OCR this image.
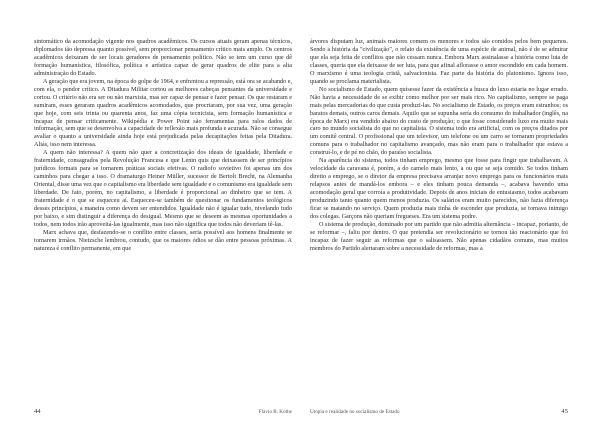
sintomático da acomodação vigente nos quadros acadêmicos. Os cursos atuais geram apenas técnicos, diplomados tão depressa quanto possível, sem proporcionar pensamento crítico mais amplo. Os centros acadêmicos deixaram de ser locais geradores de pensamento político. Não se tem um curso que dê formação humanística, filosófica, política e artística capaz de gerar quadros de elite para a alta administração do Estado.

A geração que era jovem, na época do golpe de 1964, e enfrentou a repressão, está ora se acabando e, com ela, o pendor crítico. A Ditadura Militar cortou as melhores cabeças pensantes da universidade e cortou. O critério não era ser ou não marxista, mas ser capaz de pensar e fazer pensar. Os que restaram e sumiram, esses geraram quadros acadêmicos acomodados, que procriaram, por sua vez, uma geração que hoje, com seis trinta ou quarenta anos, faz uma cópia tecnicista, sem formação humanística e incapaz de pensar criticamente. Wikipédia e Power Point são ferramentas para ralos dados de informação, sem que se desenvolva a capacidade de reflexão mais profunda e acurada. Não se consegue avaliar o quanto a universidade ainda hoje está prejudicada pelas decapitações feitas pela Ditadura. Aliás, isso nem interessa.

A quem não interessa? A quem não quer a concretização dos ideais de igualdade, liberdade e fraternidade, consagrados pela Revolução Francesa e que Lenin quis que deixassem de ser princípios jurídicos formais para se tornarem práticas sociais efetivas. O radiofo sovietivo foi apenas um dos caminhos para chegar a isso. O dramaturgo Heiner Müller, sucessor de Bertolt Brecht, na Alemanha Oriental, disse uma vez que o capitalismo era liberdade sem igualdade e o comunismo era igualdade sem liberdade. De fato, porém, no capitalismo, a liberdade é proporcional ao dinheiro que se tem. A fraternidade é o que se esqueceu aí. Esqueceu-se também de questionar os fundamentos teológicos desses princípios, a maneira como devem ser entendidos. Igualdade não é igualar tudo, nivelando tudo por baixo, e sim distinguir a diferença do desigual. Mesmo que se deseem as mesmas oportunidades a todos, nem todos irão aproveitá-las igualmente, mas isso não significa que todos não deveriam tê-las.

Marx achava que, desfazendo-se o conflito entre classes, seria possível aos homens finalmente se tornarem irmãos. Nietzsche lembrou, contudo, que os maiores ódios se dão entre pessoas próximas. A natureza é conflito permanente, em que

árvores disputam luz, animais maiores comem os menores e todos são comidos pelos bem pequenos. Sendo a história da "civilização", o relato da existência de uma espécie de animal, não é de se admirar que ela seja feita de conflitos que não cessam nunca. Embora Marx assinalasse a história como luta de classes, queria que ela deixasse de ser luta, para que afinal aflorasse o amor escondido em cada homem. O marxismo é uma teologia cristã, salvacionista. Faz parte da história do platonismo. Ignora isso, quando se proclama materialista.

No socialismo de Estado, quem quisesse fazer da existência a busca do luxo estaria no lugar errado. Não havia a necessidade de se exibir como melhor por ser mais rico. No capitalismo, sempre se paga mais pelas mercadorias do que custa produzi-las. No socialismo de Estado, os preços eram estranhos; os baratos demais, outros caros demais. Aquilo que se supunha sería do consumo do trabalhador (inglês, na época de Marx) era vendido abaixo do custo de produção; o que fosse considerado luxo era muito mais caro no mundo socialista do que no capitalista. O sistema todo era artificial, com os preços ditados por um comitê central. O profissional que um televisor, um telefone ou um carro se tornaram propriedades comuns para o trabalhador no capitalismo avançado, mas não eram para o trabalhador que estava a construí-lo, e de pé no chão, do paraíso socialista.

Na aparência do sistema, todos tinham emprego, mesmo que fosse para fingir que trabalhavam. A velocidade da caravana é, porém, a do camelo mais lento, a ou que se seja comido. Se todos tinham direito a emprego, se o diretor da empresa precisava arranjar novo emprego para os funcionários mais relapsos antes de mandá-los embora – e eles tinham pouca demanda –, acabava havendo uma acomodação geral que corroía a produtividade. Depois de anos iniciais de entusiasmo, todos acabavam produzindo tanto quanto quem menos produzia. Os salários eram muito parecidos, não fazia diferença ficar se matando no serviço. Quem produzia mais tinha de esconder que produzia, se tornava inimigo dos colegas. Garçons não queriam fregueses. Era um sistema podre.

O sistema de produção, dominado por um partido que não admitia alternância – incapaz, portanto, de se reformar –, faliu por dentro. O que pretendia ser revolucionário se tornou tão reacionário que foi incapaz de fazer seguir as reformas que o salisassem. Não apenas cidadãos comuns, mas muitos membros do Partido alertaram sobre a necessidade de reformas, mas a

44	Flavio R. Kothe	Utopia e realidade no socialismo de Estado	45
